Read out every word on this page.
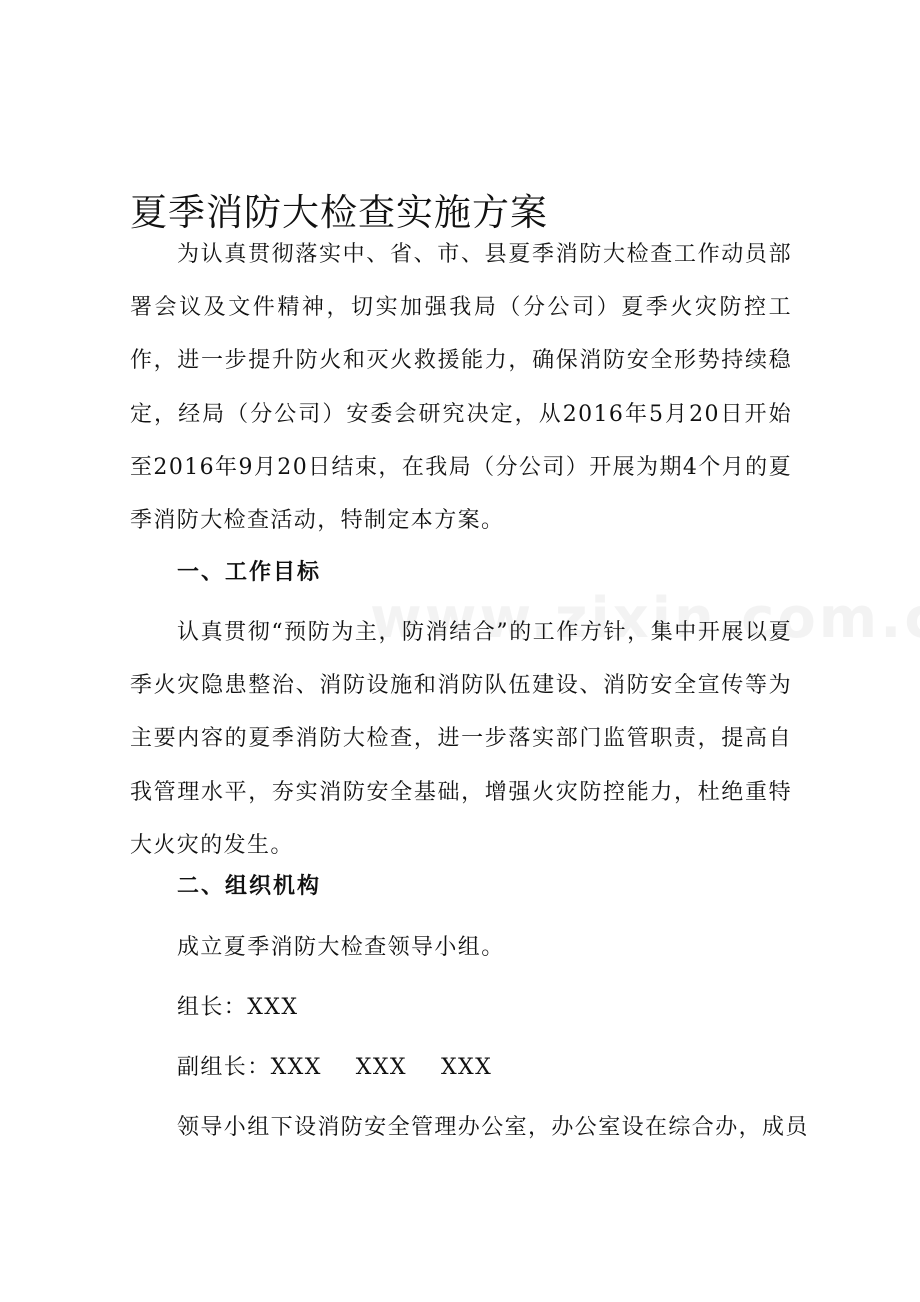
夏季消防大检查实施方案

为认真贯彻落实中、省、市、县夏季消防大检查工作动员部署会议及文件精神，切实加强我局（分公司）夏季火灾防控工作，进一步提升防火和灭火救援能力，确保消防安全形势持续稳定，经局（分公司）安委会研究决定，从2016年5月20日开始至2016年9月20日结束，在我局（分公司）开展为期4个月的夏季消防大检查活动，特制定本方案。

一、工作目标

认真贯彻“预防为主，防消结合”的工作方针，集中开展以夏季火灾隐患整治、消防设施和消防队伍建设、消防安全宣传等为主要内容的夏季消防大检查，进一步落实部门监管职责，提高自我管理水平，夯实消防安全基础，增强火灾防控能力，杜绝重特大火灾的发生。

二、组织机构

成立夏季消防大检查领导小组。

组长：XXX

副组长：XXX XXX XXX

领导小组下设消防安全管理办公室，办公室设在综合办，成员
